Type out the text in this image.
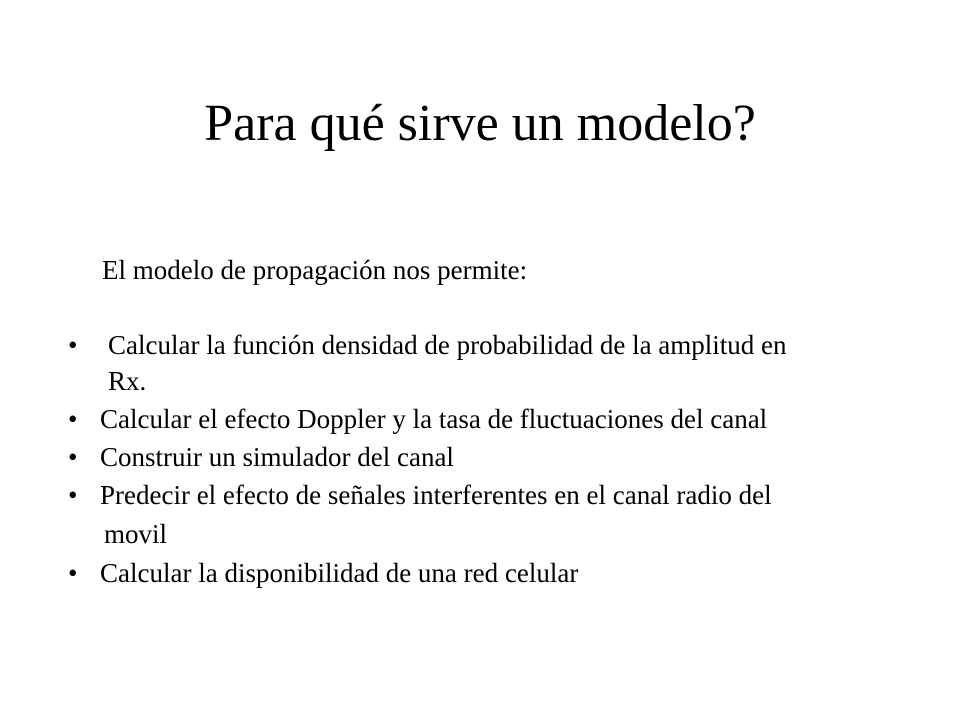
Para qué sirve un modelo?

El modelo de propagación nos permite:

• Calcular la función densidad de probabilidad de la amplitud en

Rx.

• Calcular el efecto Doppler y la tasa de fluctuaciones del canal

• Construir un simulador del canal

• Predecir el efecto de señales interferentes en el canal radio del

movil

• Calcular la disponibilidad de una red celular
